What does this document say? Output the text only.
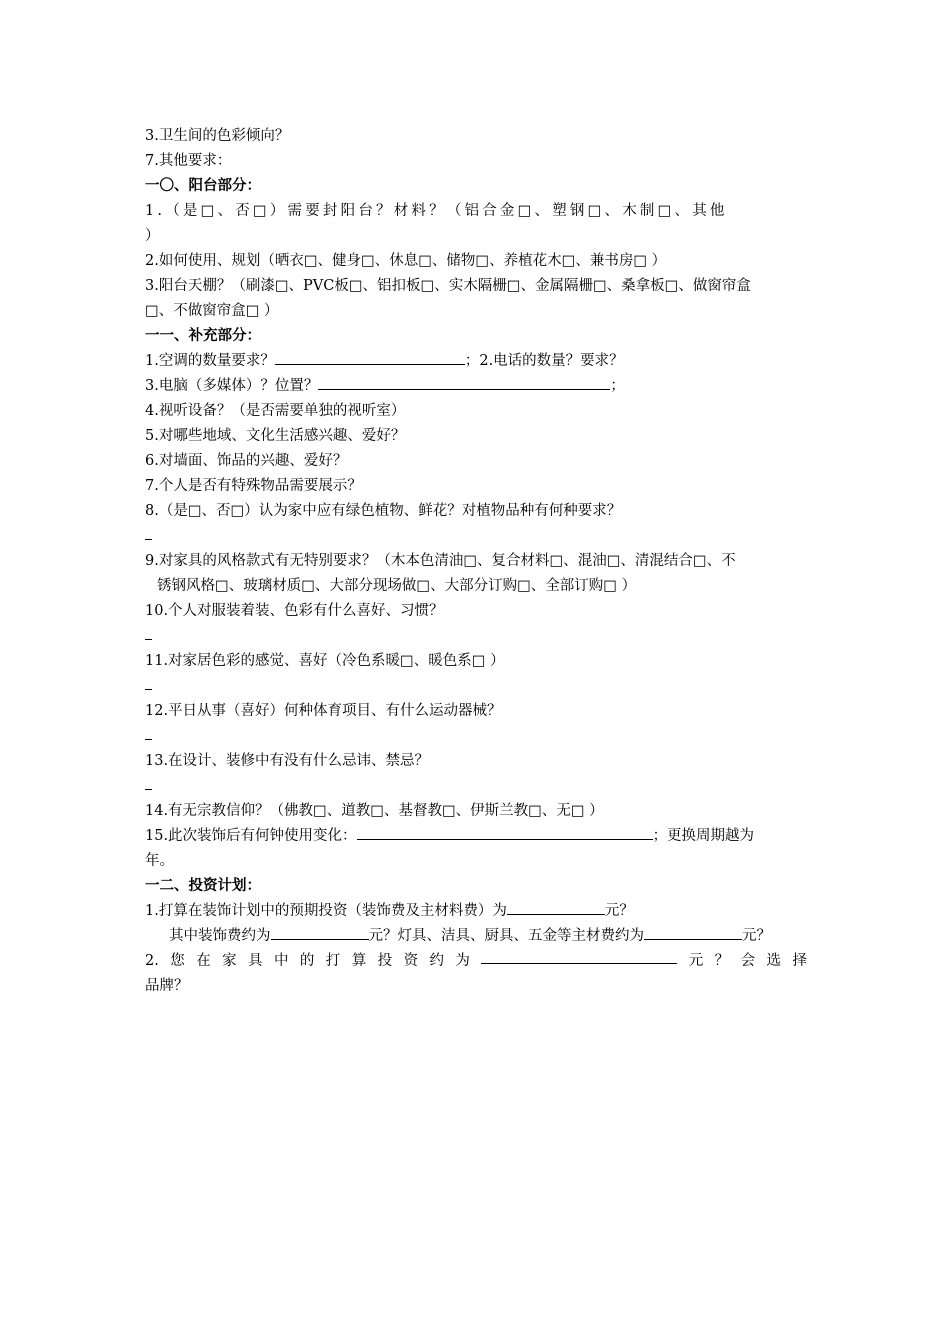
3.卫生间的色彩倾向？
7.其他要求：
一〇、阳台部分：
1.（是□、否□）需要封阳台？材料？（铝合金□、塑钢□、木制□、其他
）
2.如何使用、规划（晒衣□、健身□、休息□、储物□、养植花木□、兼书房□ ）
3.阳台天棚？（刷漆□、PVC板□、铝扣板□、实木隔栅□、金属隔栅□、桑拿板□、做窗帘盒
□、不做窗帘盒□ ）
一一、补充部分：
1.空调的数量要求？	；2.电话的数量？要求？
3.电脑（多媒体）？位置？	；
4.视听设备？（是否需要单独的视听室）
5.对哪些地域、文化生活感兴趣、爱好？
6.对墙面、饰品的兴趣、爱好？
7.个人是否有特殊物品需要展示？
8.（是□、否□）认为家中应有绿色植物、鲜花？对植物品种有何种要求？
9.对家具的风格款式有无特别要求？（木本色清油□、复合材料□、混油□、清混结合□、不
锈钢风格□、玻璃材质□、大部分现场做□、大部分订购□、全部订购□ ）
10.个人对服装着装、色彩有什么喜好、习惯？
11.对家居色彩的感觉、喜好（冷色系暖□、暖色系□ ）
12.平日从事（喜好）何种体育项目、有什么运动器械？
13.在设计、装修中有没有什么忌讳、禁忌？
14.有无宗教信仰？（佛教□、道教□、基督教□、伊斯兰教□、无□ ）
15.此次装饰后有何钟使用变化：	；更换周期越为
年。
一二、投资计划：
1.打算在装饰计划中的预期投资（装饰费及主材料费）为	元？
其中装饰费约为	元？灯具、洁具、厨具、五金等主材费约为	元？
2. 您 在 家 具 中 的 打 算 投 资 约 为	元 ？ 会 选 择
品牌？
